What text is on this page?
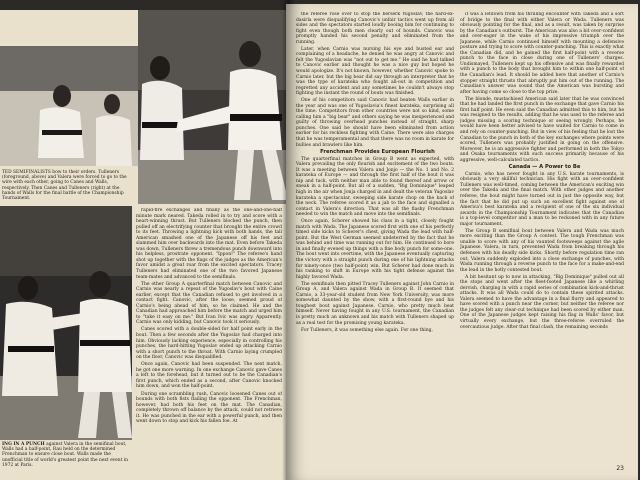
TED SEMIFINALISTS bow to their orders. Tulleners (foreground, above) and Valera were forced to go to the wire with each other, going to Canes and Walls, respectively. Then Canes and Tulleners (right) at the hands of Walls for the final battle of the Championship Tournament.

ING IN A PUNCH against Valera in the semifinal bout, Walls had a half-point, Rau held on the determined Frenchman to ensure close bout. Walls made the unofficial title of world's greatest point the next event in 1972 at Paris.

rapid-fire exchanges and finally as the one-and-one-half minute mark neared. Takeda rolled in to try and score with a heart-winning thrust. But Tulleners blocked the punch, then pulled off an electrifying counter that brought the entire crowd to its feet. Throwing a lightning kick with both hands, the tall American smashed one of the Japanese off his feet and slammed him over backwards into the mat. Even before Takeda was down, Tulleners threw a tremendous punch downward into his helpless, prostrate opponent. "Ippon!" The referee's hand shot up together with the flags of the judges as the American's favor amidst a great roar from the excited spectators. Tracey Tulleners had eliminated one of the two favored Japanese team-mates and advanced to the semifinals.

The other Group A quarterfinal match between Canovic and Carnio was nearly a repeat of the Yugoslav's bout with Caine earlier, except that the Canadian refused to get involved in a contact fight. Canovic, after the loose, seemed proud of Carnio's being ahead of him, so he claimed. He and the Canadian had approached him before the match and urged him to "take it easy on me." But Ivan Ivic was angry. Apparently, Carnio was only kidding, but Canovic took it seriously.

Canes scored with a double-sided for half point early in the bout. Then a few seconds after the Yugoslav had charged into him. Obviously lacking experience, especially in controlling his punches, the hard-hitting Yugoslav ended up attacking Carnio with a short punch to the throat. With Carnio laying crumpled on the floor, Canovic was disqualified.

Once again, Canovic had been suspended. The next match, he got one more warning. In one exchange Canovic gave Canes a left to the forehead, but it turned out to be the Canadian's first punch, which ended as a second, after Canovic knocked him down, and won the half-point.

During one scrambling rush, Canovic loosened Canes out of bounds with both fists flailing the opponent. The Frenchman, however, had both his feet on the mat. The Canadian, completely thrown off balance by the attack, could not retrieve it. He was punched in the ear with a powerful punch, and then went down to stop and kick his fallen foe. At

the referee rose over to stop the berserk Yugoslav, the hard-ex-dasirla were disqualifying Canovic's unfair tactics went up from all sides and the spectators started loudly booing him for continuing to fight even though both men clearly out of bounds. Canovic was promptly handed his second penalty and eliminated from the running.

Later, when Carnio was nursing his eye and busted ear and complaining of a headache, he denied he was angry at Canovic and felt the Yugoslavian was "not out to get me." He said he had talked to Canovic earlier and thought he was a nice guy but hoped he would apologize. It's not known, however, whether Canovic spoke to Carnio later, but the big bear did say through an interpreter that he was the type of karateka who fought all-out in competition and regretted any accident and any sometimes he couldn't always stop fighting the instant the round of bouts was finished.

One of his competitors said Canovic had beaten Walls earlier in the year and was one of Yugoslavia's finest karateka, surprising all the time. Competitors from other countries were not so kind, some calling him a "big bear" and others saying he was inexperienced and guilty of throwing overhead punches instead of straight, sharp punches. One said he should have been eliminated from action earlier for his reckless fighting with Caine. There were also charges that he was temperamental and that there was no room in karate for bullies and brawlers like him.

Frenchman Provides European Flourish

The quarterfinal matches in Group B went as expected, with Valera prevailing the only flourish and excitement of the two bouts. It was a meeting between Valera and Jonjo — the No. 1 and No. 2 karateka of Europe — and through the first half of the bout it was nip and tuck, with neither man able to found thereof and arrow or sneak in a half-point. But all of a sudden, "Big Dominique" leaped high in the air when Jonja charged in and dealt the veteran Yugoslav karateka a spectacular, sweeping side karate chop on the back of the neck. The referee scored it as a jab to the face and signalled a contact in Valera's direction. That was all the flashy Frenchman needed to win the match and move into the semifinals.

Once again, Scherer showed his class in a tight, closely fought match with Wada. The Japanese scored first with one of his perfectly timed side kicks to Scherer's chest, giving Wada the lead with half-point. But the West German seemed undeterred by the fact that he was behind and time was running out for him. He continued to bore in and finally evened up things with a fine body punch for some-one. The bout went into overtime, with the Japanese eventually capturing the victory with a straight punch during one of his lightning attacks for ninety-once (two half-point) win. But Scherer had done much in his ranking to shift in Europe with his tight defense against the highly favored Wada.

The semifinals then pitted Tracey Tulleners against John Carnio in Group A, and Valera against Wada in Group B. It seemed that Carnio, a 33-year-old student from New York University, was more somewhat daunted by the show, with a first-round bye and his toughest bout against Japanese. Carnio, who pretty much beat himself. Never having fought in any U.S. tournament, the Canadian is pretty much an unknown and his match with Tulleners shaped up as a real test for the promising young karateka.

For Tulleners, it was something else again. For one thing,

it was a letdown from his thrilling encounter with Takeda and a sort of bridge to the final with either Valera or Wada. Tulleners was obviously pointing for the final, and as a result, was taken by surprise by the Canadian's outburst. The American was also a bit over-confident and over-eager in the wake of his impressive triumph over the Japanese, while Carnio continued himself with mounting a defensive posture and trying to score with counter-punching. This is exactly what the Canadian did, and he gained the first half-point with a reverse punch to the face in close during one of Tulleners' charges. Undismayed, Tulleners kept up his offensive and was finally rewarded with a punch to the body that brought him to within one half-point of the Canadian's lead. It should be added here that another of Carnio's stopper straight thrusts that abruptly put him out of the running. The Canadian's answer was sound that the American was bursting and after having come so close to the top prize.

The blonde, mustachioed American said later that he was convinced that he had landed the first punch in the exchange that gave Carnio his first half point. He even said the Canadian admitted this to him, but he was resigned to the results, adding that he was used to the referee and judges missing a scoring technique or seeing wrongly. Perhaps, he would have been better advised to have waited for Carnio to come in and rely on counter-punching. But in view of his feeling that he lost the Canadian to the punch in both of the key exchanges where points were scored, Tulleners was probably justified in going on the offensive. Moreover, he is an aggressive fighter and performed in both the Tokyo and Osaka tournaments with such success primarily because of his aggressive, well-calculated tactics.

Canada — A Power to Be

Carnio, who has never fought in any U.S. karate tournaments, is obviously a very skillful technician. His fight with an over-confident Tulleners was well-timed, coming between the American's exciting win over the Takeda and the final match. With other judges and another referee, the bout might have turned out in just the opposite way, but the fact that he did put up such an excellent fight against one of America's best karateka and a recipient of one of the six individual awards in the Championship Tournament indicates that the Canadian is a top-level competitor and a man to be reckoned with in any future major tournament.

The Group B semifinal bout between Valera and Wada was much more exciting than the Group A contest. The tough Frenchman was unable to score with any of his vaunted footsweeps against the agile Japanese. Valera, in turn, prevented Wada from breaking through his defenses with his deadly side kicks. Shortly before regulation time ran out, Valera suddenly exploded into a close exchange of punches, with Wada running through a reverse punch to the face for a make-and-end the lead in the hotly contested bout.

A bit hesitant up to now in attacking, "Big Dominique" pulled out all the stops and went after the fleet-footed Japanese like a whirling dervish, charging in with a rapid series of combination kick-and-thrust attacks. It was all Wada could do to contain these spirited attacks. Valera seemed to have the advantage in a final flurry and appeared to have scored with a punch near the corner, but neither the referee nor the judges felt any clear-cut technique had been scored by either man. One of the Japanese judges kept raising his flag in Walls' favor, but virtually every exchange, but the three-referee overruled the overcautious judge. After that final clash, the remaining seconds

23
